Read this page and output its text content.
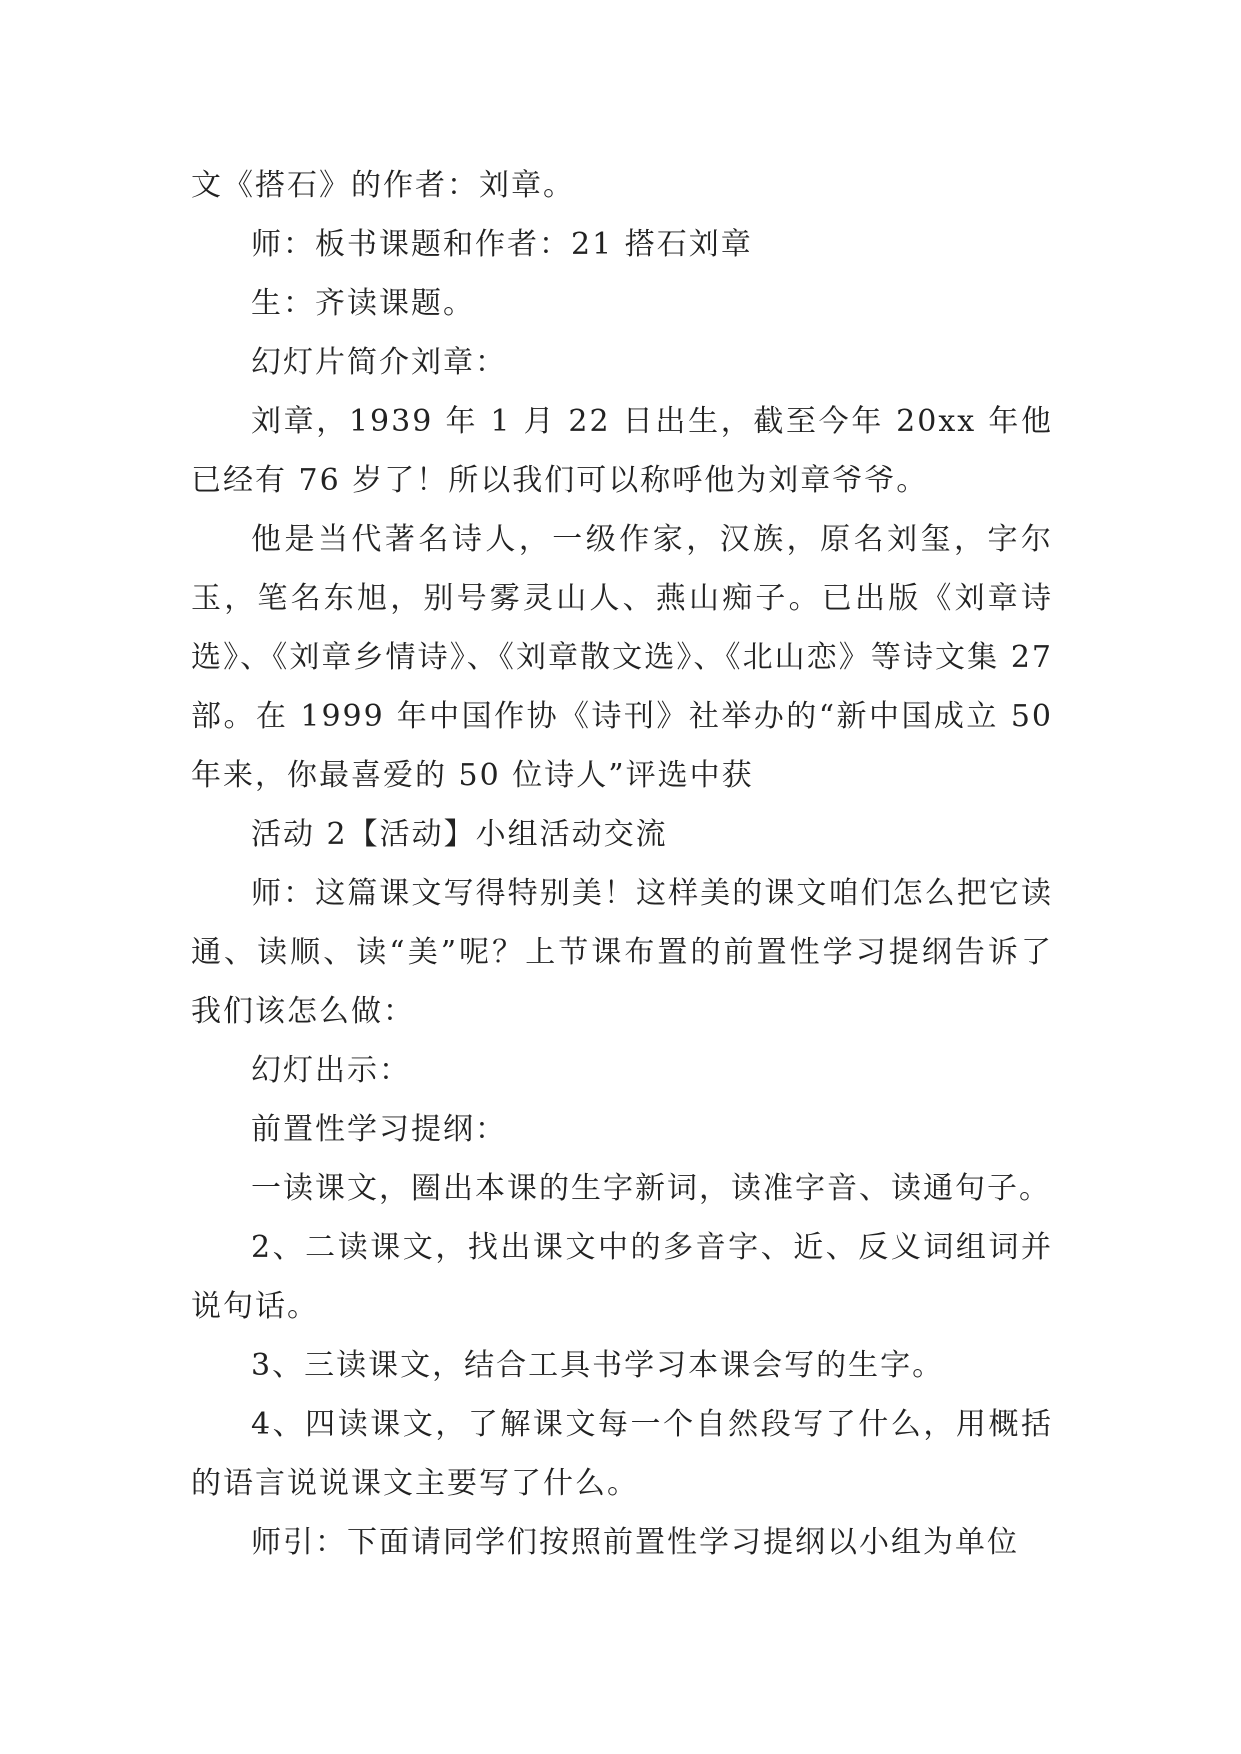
文《搭石》的作者：刘章。

师：板书课题和作者：21 搭石刘章

生：齐读课题。

幻灯片简介刘章：

刘章，1939 年 1 月 22 日出生，截至今年 20xx 年他已经有 76 岁了！所以我们可以称呼他为刘章爷爷。

他是当代著名诗人，一级作家，汉族，原名刘玺，字尔玉，笔名东旭，别号雾灵山人、燕山痴子。已出版《刘章诗选》、《刘章乡情诗》、《刘章散文选》、《北山恋》等诗文集 27 部。在 1999 年中国作协《诗刊》社举办的“新中国成立 50 年来，你最喜爱的 50 位诗人”评选中获

活动 2【活动】小组活动交流

师：这篇课文写得特别美！这样美的课文咱们怎么把它读通、读顺、读“美”呢？上节课布置的前置性学习提纲告诉了我们该怎么做：

幻灯出示：

前置性学习提纲：

一读课文，圈出本课的生字新词，读准字音、读通句子。

2、二读课文，找出课文中的多音字、近、反义词组词并说句话。

3、三读课文，结合工具书学习本课会写的生字。

4、四读课文，了解课文每一个自然段写了什么，用概括的语言说说课文主要写了什么。

师引：下面请同学们按照前置性学习提纲以小组为单位
